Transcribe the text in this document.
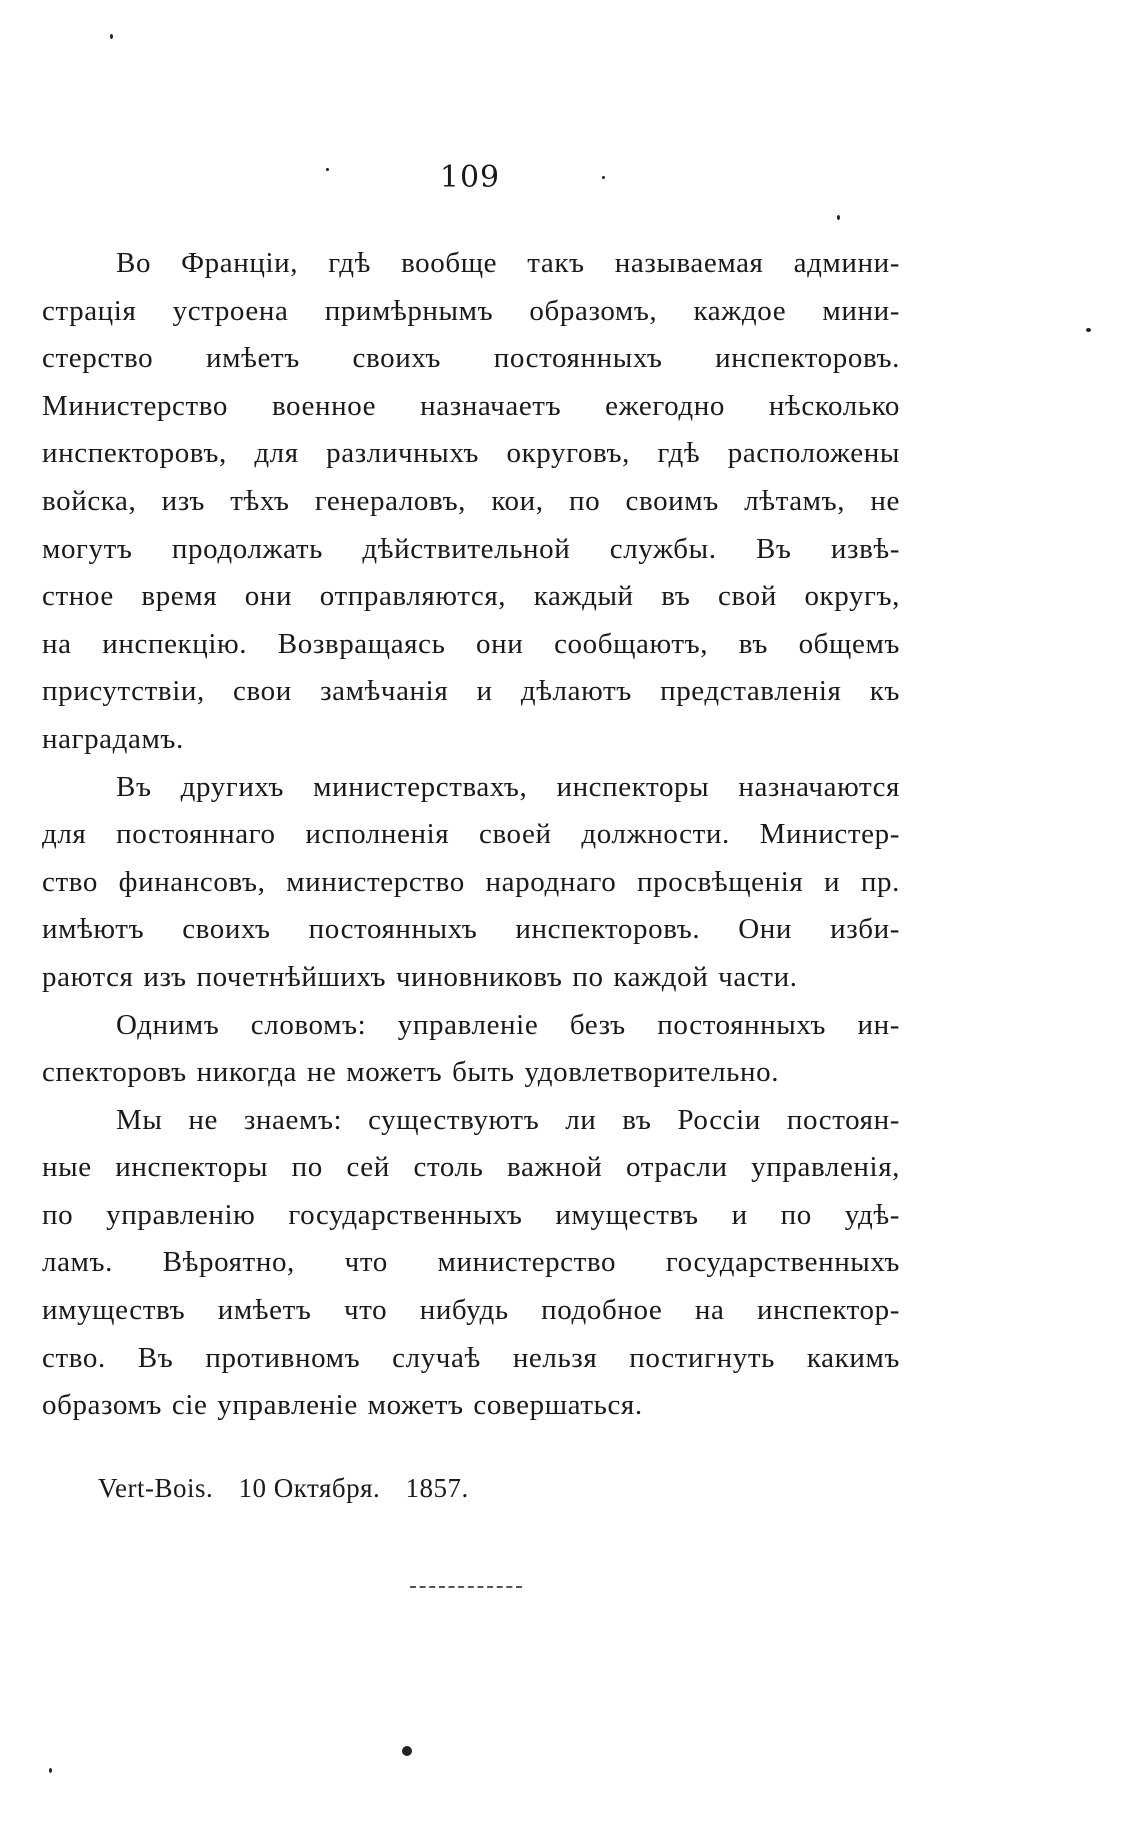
109
Во Франціи, гдѣ вообще такъ называемая админи-
страція устроена примѣрнымъ образомъ, каждое мини-
стерство имѣетъ своихъ постоянныхъ инспекторовъ.
Министерство военное назначаетъ ежегодно нѣсколько
инспекторовъ, для различныхъ округовъ, гдѣ расположены
войска, изъ тѣхъ генераловъ, кои, по своимъ лѣтамъ, не
могутъ продолжать дѣйствительной службы. Въ извѣ-
стное время они отправляются, каждый въ свой округъ,
на инспекцію. Возвращаясь они сообщаютъ, въ общемъ
присутствіи, свои замѣчанія и дѣлаютъ представленія къ
наградамъ.
Въ другихъ министерствахъ, инспекторы назначаются
для постояннаго исполненія своей должности. Министер-
ство финансовъ, министерство народнаго просвѣщенія и пр.
имѣютъ своихъ постоянныхъ инспекторовъ. Они изби-
раются изъ почетнѣйшихъ чиновниковъ по каждой части.
Однимъ словомъ: управленіе безъ постоянныхъ ин-
спекторовъ никогда не можетъ быть удовлетворительно.
Мы не знаемъ: существуютъ ли въ Россіи постоян-
ные инспекторы по сей столь важной отрасли управленія,
по управленію государственныхъ имуществъ и по удѣ-
ламъ. Вѣроятно, что министерство государственныхъ
имуществъ имѣетъ что нибудь подобное на инспектор-
ство. Въ противномъ случаѣ нельзя постигнуть какимъ
образомъ сіе управленіе можетъ совершаться.
Vert-Bois. 10 Октября. 1857.
